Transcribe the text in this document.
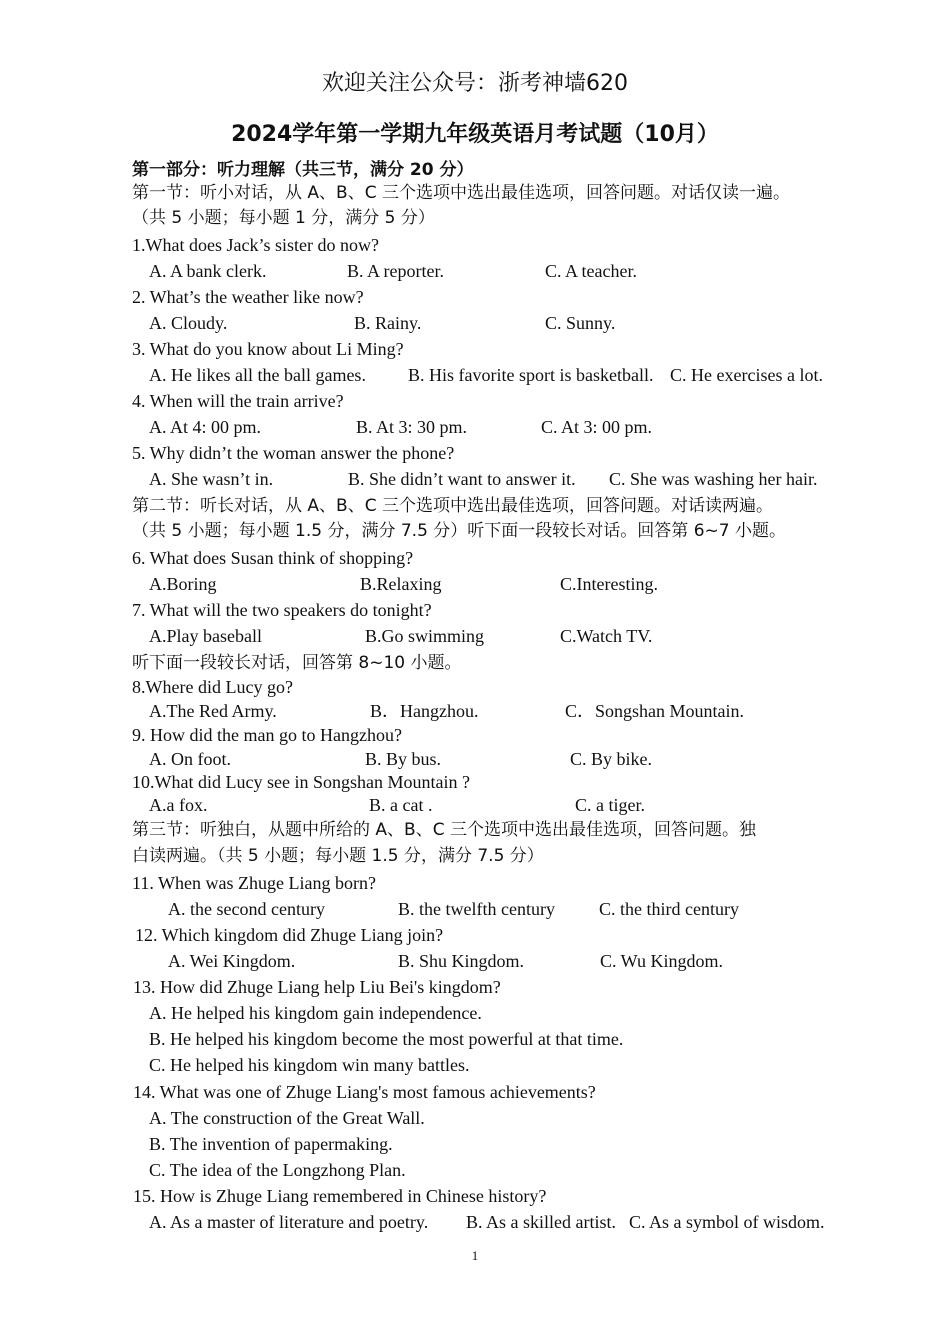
欢迎关注公众号：浙考神墙620
2024学年第一学期九年级英语月考试题（10月）
第一部分：听力理解（共三节，满分 20 分）
第一节：听小对话，从 A、B、C 三个选项中选出最佳选项，回答问题。对话仅读一遍。
（共 5 小题；每小题 1 分，满分 5 分）
1.What does Jack’s sister do now?
A. A bank clerk.	B. A reporter.	C. A teacher.
2. What’s the weather like now?
A. Cloudy.	B. Rainy.	C. Sunny.
3. What do you know about Li Ming?
A. He likes all the ball games. B. His favorite sport is basketball. C. He exercises a lot.
4. When will the train arrive?
A. At 4: 00 pm.	B. At 3: 30 pm.	C. At 3: 00 pm.
5. Why didn’t the woman answer the phone?
A. She wasn’t in.	B. She didn’t want to answer it. C. She was washing her hair.
第二节：听长对话，从 A、B、C 三个选项中选出最佳选项，回答问题。对话读两遍。
（共 5 小题；每小题 1.5 分，满分 7.5 分）听下面一段较长对话。回答第 6~7 小题。
6. What does Susan think of shopping?
A.Boring	B.Relaxing	C.Interesting.
7. What will the two speakers do tonight?
A.Play baseball	B.Go swimming	C.Watch TV.
听下面一段较长对话，回答第 8~10 小题。
8.Where did Lucy go?
A.The Red Army.	B．Hangzhou.	C．Songshan Mountain.
9. How did the man go to Hangzhou?
A. On foot.	B. By bus.	C. By bike.
10.What did Lucy see in Songshan Mountain ?
A.a fox.	B. a cat .	C. a tiger.
第三节：听独白，从题中所给的 A、B、C 三个选项中选出最佳选项，回答问题。独
白读两遍。（共 5 小题；每小题 1.5 分，满分 7.5 分）
11. When was Zhuge Liang born?
A. the second century	B. the twelfth century C. the third century
12. Which kingdom did Zhuge Liang join?
A. Wei Kingdom.	B. Shu Kingdom.	C. Wu Kingdom.
13. How did Zhuge Liang help Liu Bei's kingdom?
A. He helped his kingdom gain independence.
B. He helped his kingdom become the most powerful at that time.
C. He helped his kingdom win many battles.
14. What was one of Zhuge Liang's most famous achievements?
A. The construction of the Great Wall.
B. The invention of papermaking.
C. The idea of the Longzhong Plan.
15. How is Zhuge Liang remembered in Chinese history?
A. As a master of literature and poetry. B. As a skilled artist. C. As a symbol of wisdom.
1
